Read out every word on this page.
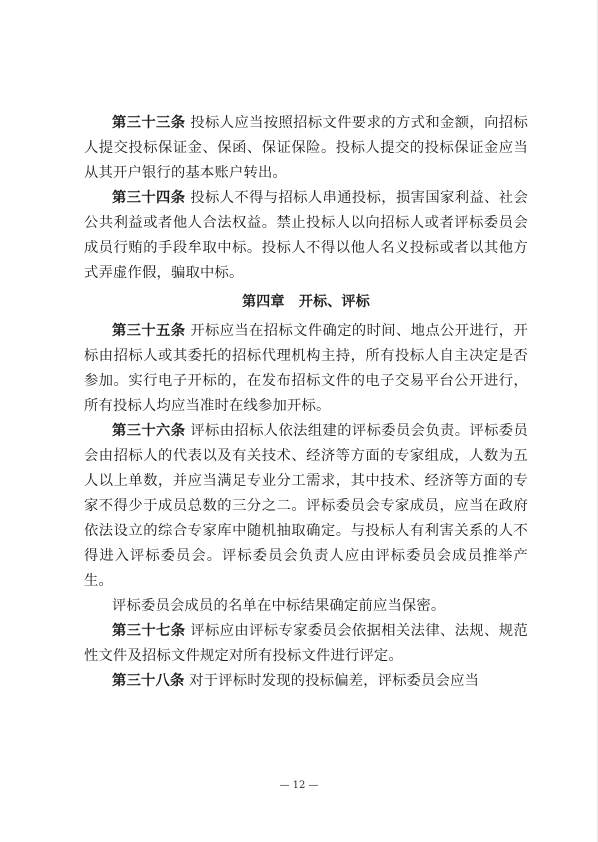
第三十三条 投标人应当按照招标文件要求的方式和金额，向招标人提交投标保证金、保函、保证保险。投标人提交的投标保证金应当从其开户银行的基本账户转出。

第三十四条 投标人不得与招标人串通投标，损害国家利益、社会公共利益或者他人合法权益。禁止投标人以向招标人或者评标委员会成员行贿的手段牟取中标。投标人不得以他人名义投标或者以其他方式弄虚作假，骗取中标。

第四章　开标、评标

第三十五条 开标应当在招标文件确定的时间、地点公开进行，开标由招标人或其委托的招标代理机构主持，所有投标人自主决定是否参加。实行电子开标的，在发布招标文件的电子交易平台公开进行，所有投标人均应当准时在线参加开标。

第三十六条 评标由招标人依法组建的评标委员会负责。评标委员会由招标人的代表以及有关技术、经济等方面的专家组成，人数为五人以上单数，并应当满足专业分工需求，其中技术、经济等方面的专家不得少于成员总数的三分之二。评标委员会专家成员，应当在政府依法设立的综合专家库中随机抽取确定。与投标人有利害关系的人不得进入评标委员会。评标委员会负责人应由评标委员会成员推举产生。

评标委员会成员的名单在中标结果确定前应当保密。

第三十七条 评标应由评标专家委员会依据相关法律、法规、规范性文件及招标文件规定对所有投标文件进行评定。

第三十八条 对于评标时发现的投标偏差，评标委员会应当

— 12 —
